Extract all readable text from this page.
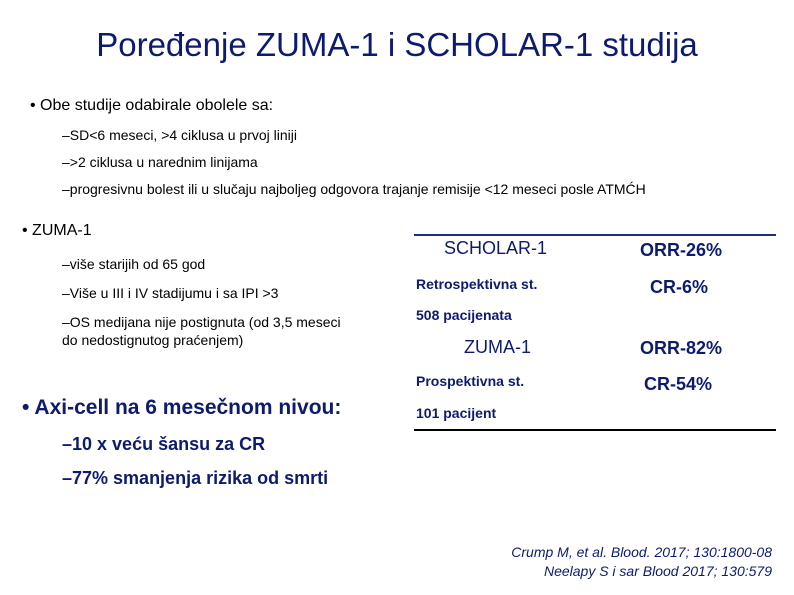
Poređenje ZUMA-1 i SCHOLAR-1 studija
• Obe studije odabirale obolele sa:
–SD<6 meseci, >4 ciklusa u prvoj liniji
–>2 ciklusa u narednim linijama
–progresivnu bolest ili u slučaju najboljeg odgovora trajanje remisije <12 meseci posle ATMĆH
• ZUMA-1
–više starijih od 65 god
–Više u III i IV stadijumu i sa IPI >3
–OS medijana nije postignuta (od 3,5 meseci
do nedostignutog praćenjem)
• Axi-cell na 6 mesečnom nivou:
–10 x veću šansu za CR
–77% smanjenja rizika od smrti
SCHOLAR-1	ORR-26%
Retrospektivna st.	CR-6%
508 pacijenata
ZUMA-1	ORR-82%
Prospektivna st.	CR-54%
101 pacijent
Crump M, et al. Blood. 2017; 130:1800-08
Neelapy S i sar Blood 2017; 130:579
